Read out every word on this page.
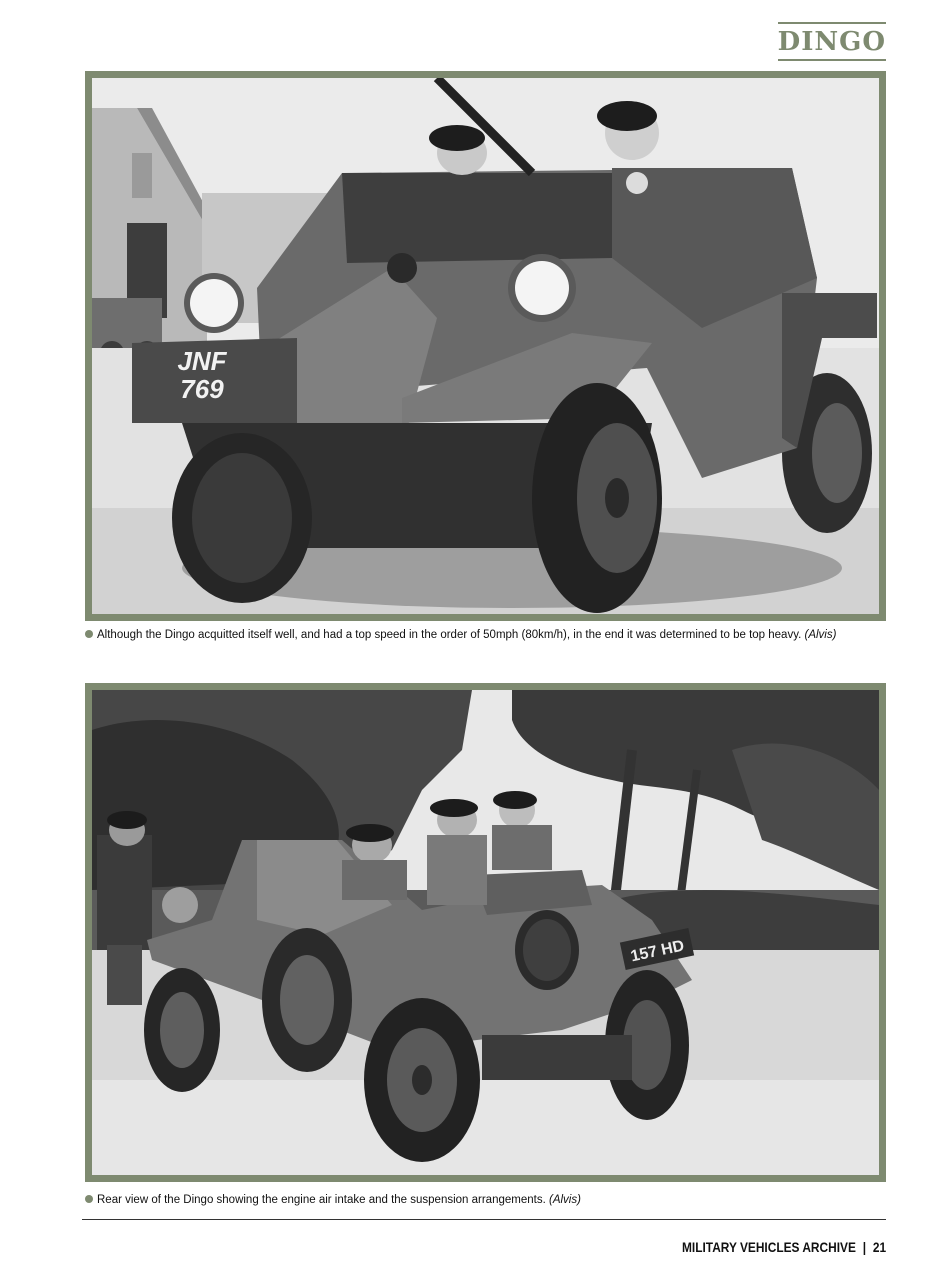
DINGO
JNF
769
Although the Dingo acquitted itself well, and had a top speed in the order of 50mph (80km/h), in the end it was determined to be top heavy. (Alvis)
157 HD
Rear view of the Dingo showing the engine air intake and the suspension arrangements. (Alvis)
MILITARY VEHICLES ARCHIVE | 21
